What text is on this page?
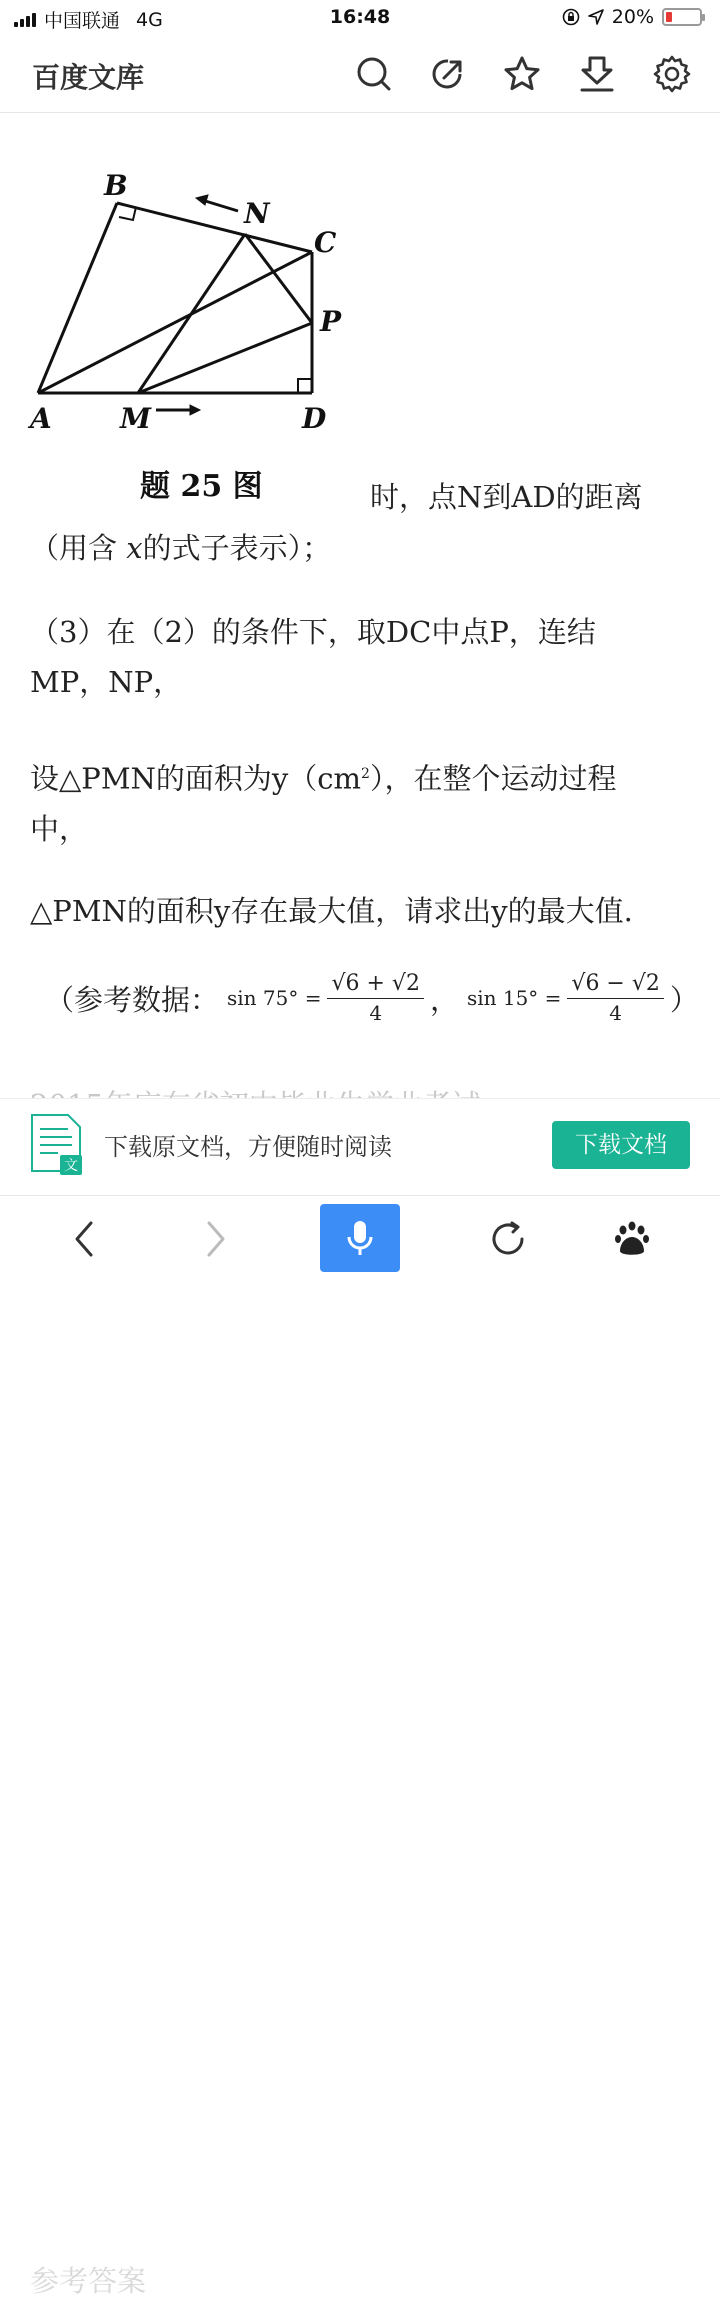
中国联通 4G	16:48	20%
百度文库
B
N
C
P
A M	D
题 25 图	时，点N到AD的距离
（用含 x的式子表示）；
（3）在（2）的条件下，取DC中点P，连结
MP，NP，
设△PMN的面积为$y(cm^2)$，在整个运动过程
中，
△PMN的面积y存在最大值，请求出y的最大值.
（参考数据： $\sin 75^\circ = \frac{√6 + √2}{4}$ ， $\sin 15^\circ = \frac{√6 - √2}{4}$ ）
参考答案
文
下载原文档，方便随时阅读	下载文档
